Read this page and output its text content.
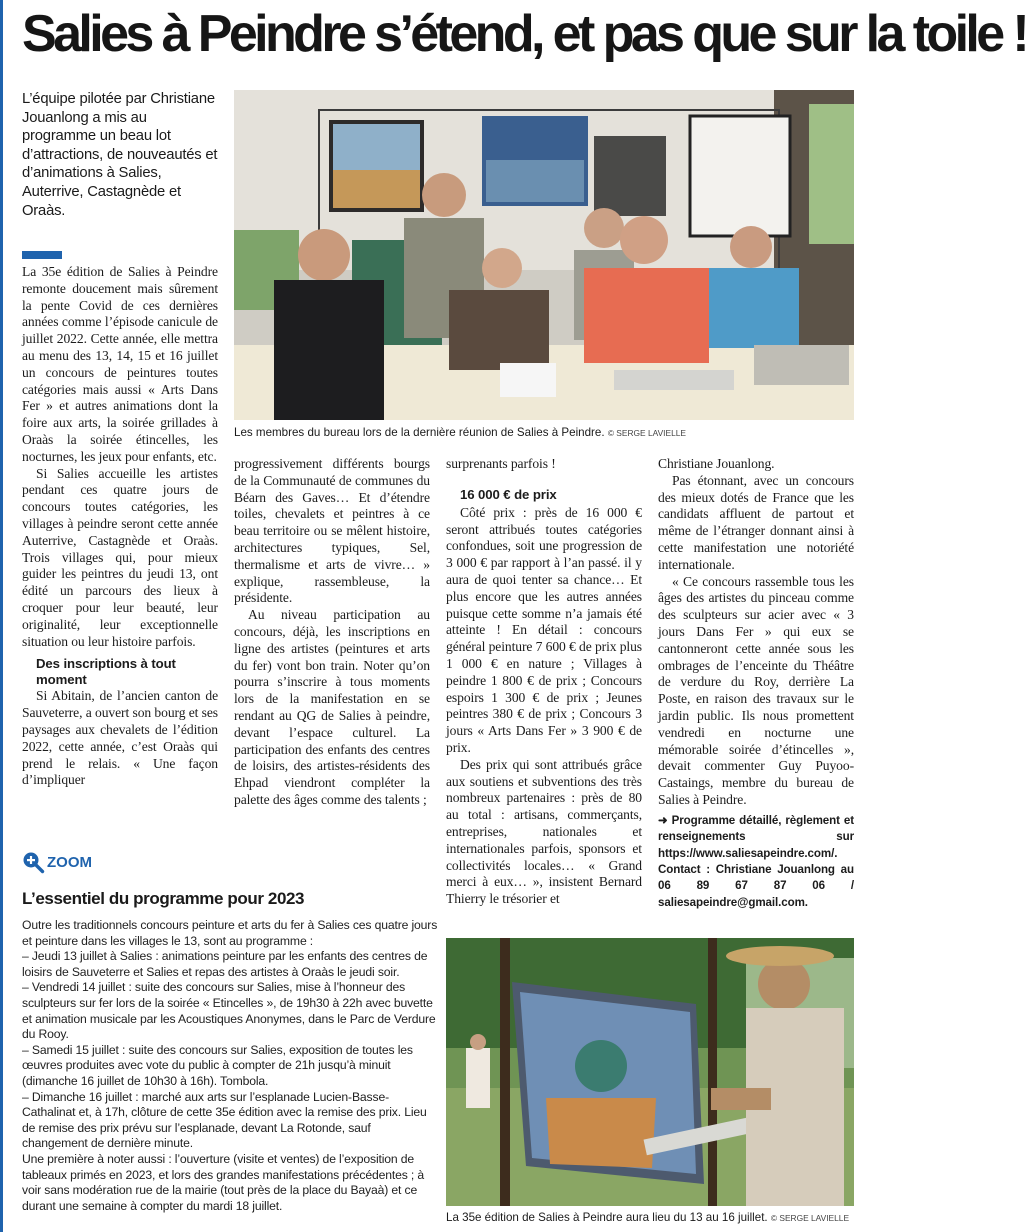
Salies à Peindre s’étend, et pas que sur la toile !
L’équipe pilotée par Christiane Jouanlong a mis au programme un beau lot d’attractions, de nouveautés et d’animations à Salies, Auterrive, Castagnède et Oraàs.

La 35e édition de Salies à Peindre remonte doucement mais sûrement la pente Covid de ces dernières années comme l’épisode canicule de juillet 2022. Cette année, elle mettra au menu des 13, 14, 15 et 16 juillet un concours de peintures toutes catégories mais aussi « Arts Dans Fer » et autres animations dont la foire aux arts, la soirée grillades à Oraàs la soirée étincelles, les nocturnes, les jeux pour enfants, etc.

Si Salies accueille les artistes pendant ces quatre jours de concours toutes catégories, les villages à peindre seront cette année Auterrive, Castagnède et Oraàs. Trois villages qui, pour mieux guider les peintres du jeudi 13, ont édité un parcours des lieux à croquer pour leur beauté, leur originalité, leur exceptionnelle situation ou leur histoire parfois.

Des inscriptions à tout moment

Si Abitain, de l’ancien canton de Sauveterre, a ouvert son bourg et ses paysages aux chevalets de l’édition 2022, cette année, c’est Oraàs qui prend le relais. « Une façon d’impliquer

progressivement différents bourgs de la Communauté de communes du Béarn des Gaves… Et d’étendre toiles, chevalets et peintres à ce beau territoire ou se mêlent histoire, architectures typiques, Sel, thermalisme et arts de vivre… » explique, rassembleuse, la présidente.

Au niveau participation au concours, déjà, les inscriptions en ligne des artistes (peintures et arts du fer) vont bon train. Noter qu’on pourra s’inscrire à tous moments lors de la manifestation en se rendant au QG de Salies à peindre, devant l’espace culturel. La participation des enfants des centres de loisirs, des artistes-résidents des Ehpad viendront compléter la palette des âges comme des talents ;

surprenants parfois !

16 000 € de prix

Côté prix : près de 16 000 € seront attribués toutes catégories confondues, soit une progression de 3 000 € par rapport à l’an passé. il y aura de quoi tenter sa chance… Et plus encore que les autres années puisque cette somme n’a jamais été atteinte ! En détail : concours général peinture 7 600 € de prix plus 1 000 € en nature ; Villages à peindre 1 800 € de prix ; Concours espoirs 1 300 € de prix ; Jeunes peintres 380 € de prix ; Concours 3 jours « Arts Dans Fer » 3 900 € de prix.

Des prix qui sont attribués grâce aux soutiens et subventions des très nombreux partenaires : près de 80 au total : artisans, commerçants, entreprises, nationales et internationales parfois, sponsors et collectivités locales… « Grand merci à eux… », insistent Bernard Thierry le trésorier et

Christiane Jouanlong.

Pas étonnant, avec un concours des mieux dotés de France que les candidats affluent de partout et même de l’étranger donnant ainsi à cette manifestation une notoriété internationale.

« Ce concours rassemble tous les âges des artistes du pinceau comme des sculpteurs sur acier avec « 3 jours Dans Fer » qui eux se cantonneront cette année sous les ombrages de l’enceinte du Théâtre de verdure du Roy, derrière La Poste, en raison des travaux sur le jardin public. Ils nous promettent vendredi en nocturne une mémorable soirée d’étincelles », devait commenter Guy Puyoo-Castaings, membre du bureau de Salies à Peindre.

➜ Programme détaillé, règlement et renseignements sur https://www.saliesapeindre.com/. Contact : Christiane Jouanlong au 06 89 67 87 06 / saliesapeindre@gmail.com.

Les membres du bureau lors de la dernière réunion de Salies à Peindre. © SERGE LAVIELLE
ZOOM
L’essentiel du programme pour 2023

Outre les traditionnels concours peinture et arts du fer à Salies ces quatre jours et peinture dans les villages le 13, sont au programme :

– Jeudi 13 juillet à Salies : animations peinture par les enfants des centres de loisirs de Sauveterre et Salies et repas des artistes à Oraàs le jeudi soir.

– Vendredi 14 juillet : suite des concours sur Salies, mise à l’honneur des sculpteurs sur fer lors de la soirée « Etincelles », de 19h30 à 22h avec buvette et animation musicale par les Acoustiques Anonymes, dans le Parc de Verdure du Rooy.

– Samedi 15 juillet : suite des concours sur Salies, exposition de toutes les œuvres produites avec vote du public à compter de 21h jusqu’à minuit (dimanche 16 juillet de 10h30 à 16h). Tombola.

– Dimanche 16 juillet : marché aux arts sur l’esplanade Lucien-Basse-Cathalinat et, à 17h, clôture de cette 35e édition avec la remise des prix. Lieu de remise des prix prévu sur l’esplanade, devant La Rotonde, sauf changement de dernière minute.

Une première à noter aussi : l’ouverture (visite et ventes) de l’exposition de tableaux primés en 2023, et lors des grandes manifestations précédentes ; à voir sans modération rue de la mairie (tout près de la place du Bayaà) et ce durant une semaine à compter du mardi 18 juillet.

La 35e édition de Salies à Peindre aura lieu du 13 au 16 juillet. © SERGE LAVIELLE
